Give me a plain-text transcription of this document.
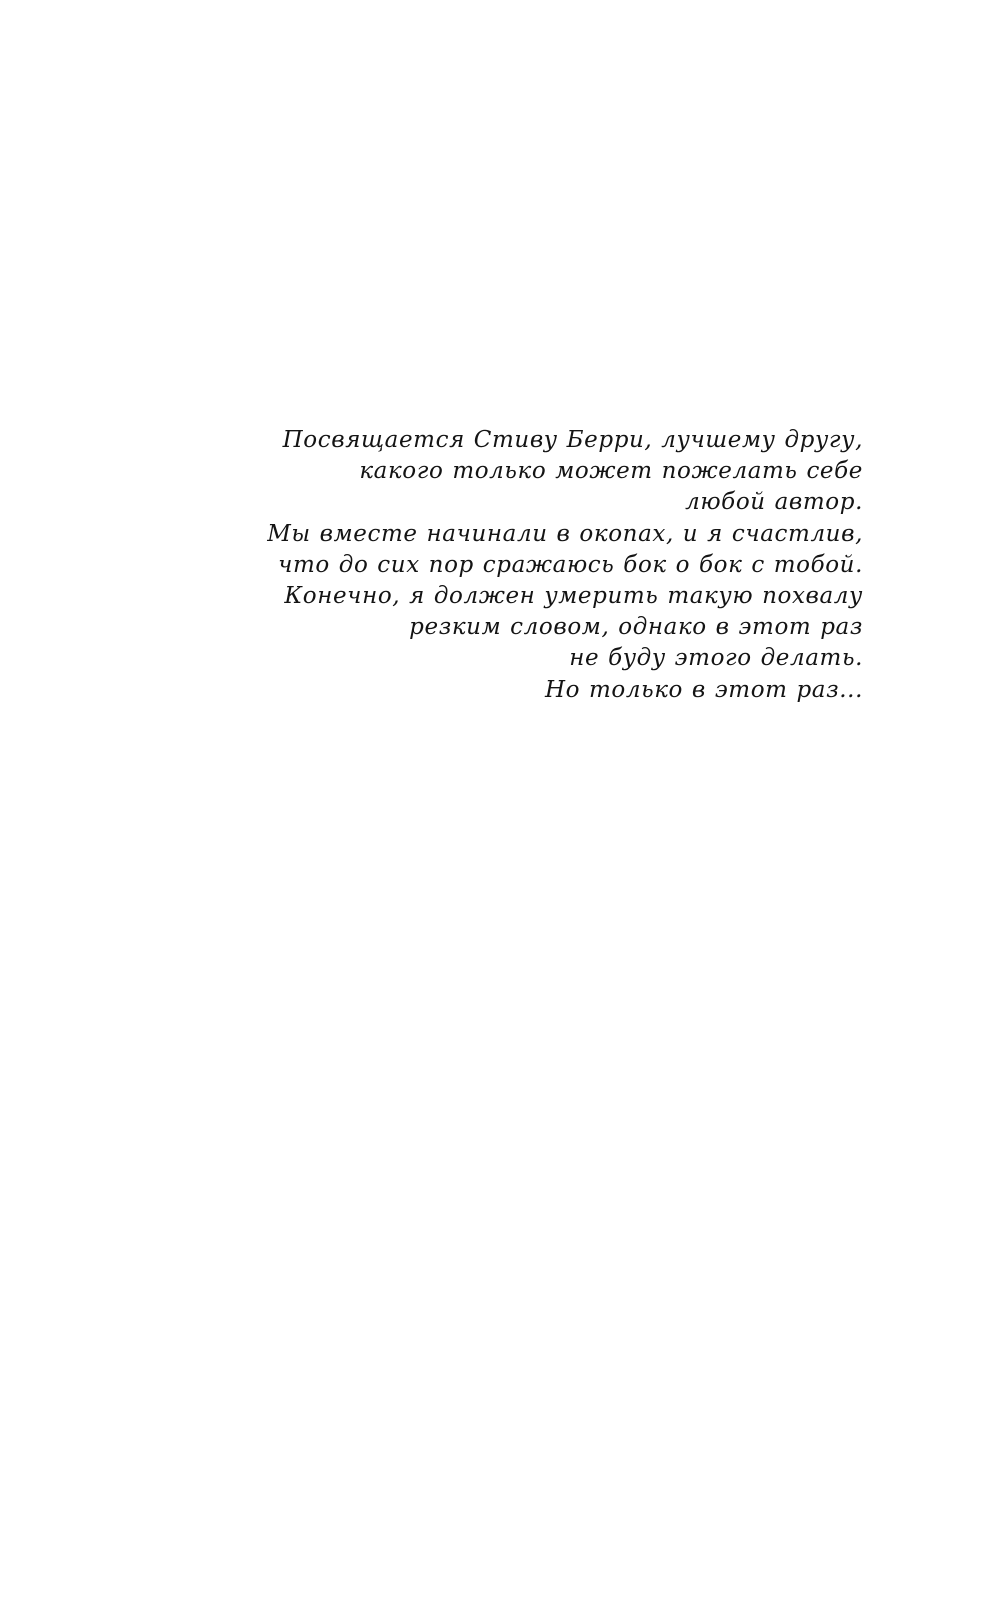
Посвящается Стиву Берри, лучшему другу,
какого только может пожелать себе
любой автор.
Мы вместе начинали в окопах, и я счастлив,
что до сих пор сражаюсь бок о бок с тобой.
Конечно, я должен умерить такую похвалу
резким словом, однако в этот раз
не буду этого делать.
Но только в этот раз...
